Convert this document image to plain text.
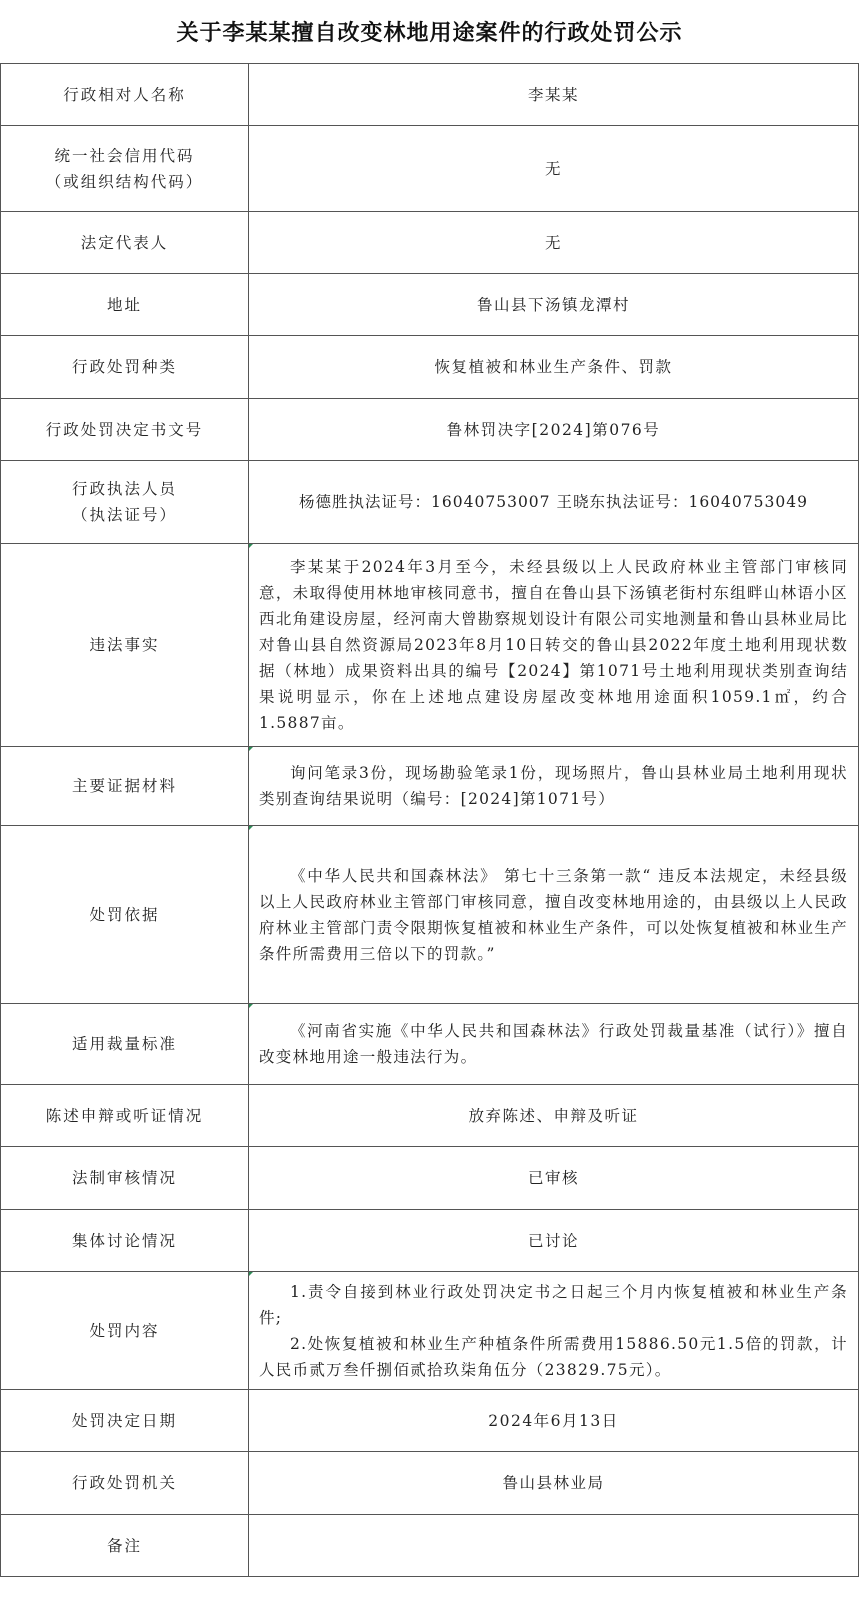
关于李某某擅自改变林地用途案件的行政处罚公示
行政相对人名称	李某某

统一社会信用代码
（或组织结构代码）	无
法定代表人	无
地址	鲁山县下汤镇龙潭村
行政处罚种类	恢复植被和林业生产条件、罚款
行政处罚决定书文号	鲁林罚决字[2024]第076号

行政执法人员
（执法证号）	杨德胜执法证号：16040753007 王晓东执法证号：16040753049
违法事实	李某某于2024年3月至今，未经县级以上人民政府林业主管部门审核同意，未取得使用林地审核同意书，擅自在鲁山县下汤镇老街村东组畔山林语小区西北角建设房屋，经河南大曾勘察规划设计有限公司实地测量和鲁山县林业局比对鲁山县自然资源局2023年8月10日转交的鲁山县2022年度土地利用现状数据（林地）成果资料出具的编号【2024】第1071号土地利用现状类别查询结果说明显示，你在上述地点建设房屋改变林地用途面积1059.1㎡，约合1.5887亩。

主要证据材料	询问笔录3份，现场勘验笔录1份，现场照片，鲁山县林业局土地利用现状类别查询结果说明（编号：[2024]第1071号）

处罚依据	《中华人民共和国森林法》 第七十三条第一款“ 违反本法规定，未经县级以上人民政府林业主管部门审核同意，擅自改变林地用途的，由县级以上人民政府林业主管部门责令限期恢复植被和林业生产条件，可以处恢复植被和林业生产条件所需费用三倍以下的罚款。”

适用裁量标准	《河南省实施《中华人民共和国森林法》行政处罚裁量基准（试行）》擅自改变林地用途一般违法行为。

陈述申辩或听证情况	放弃陈述、申辩及听证
法制审核情况	已审核
集体讨论情况	已讨论
处罚内容	1.责令自接到林业行政处罚决定书之日起三个月内恢复植被和林业生产条件;

2.处恢复植被和林业生产种植条件所需费用15886.50元1.5倍的罚款，计人民币贰万叁仟捌佰贰拾玖柒角伍分（23829.75元）。

处罚决定日期	2024年6月13日
行政处罚机关	鲁山县林业局
备注	
